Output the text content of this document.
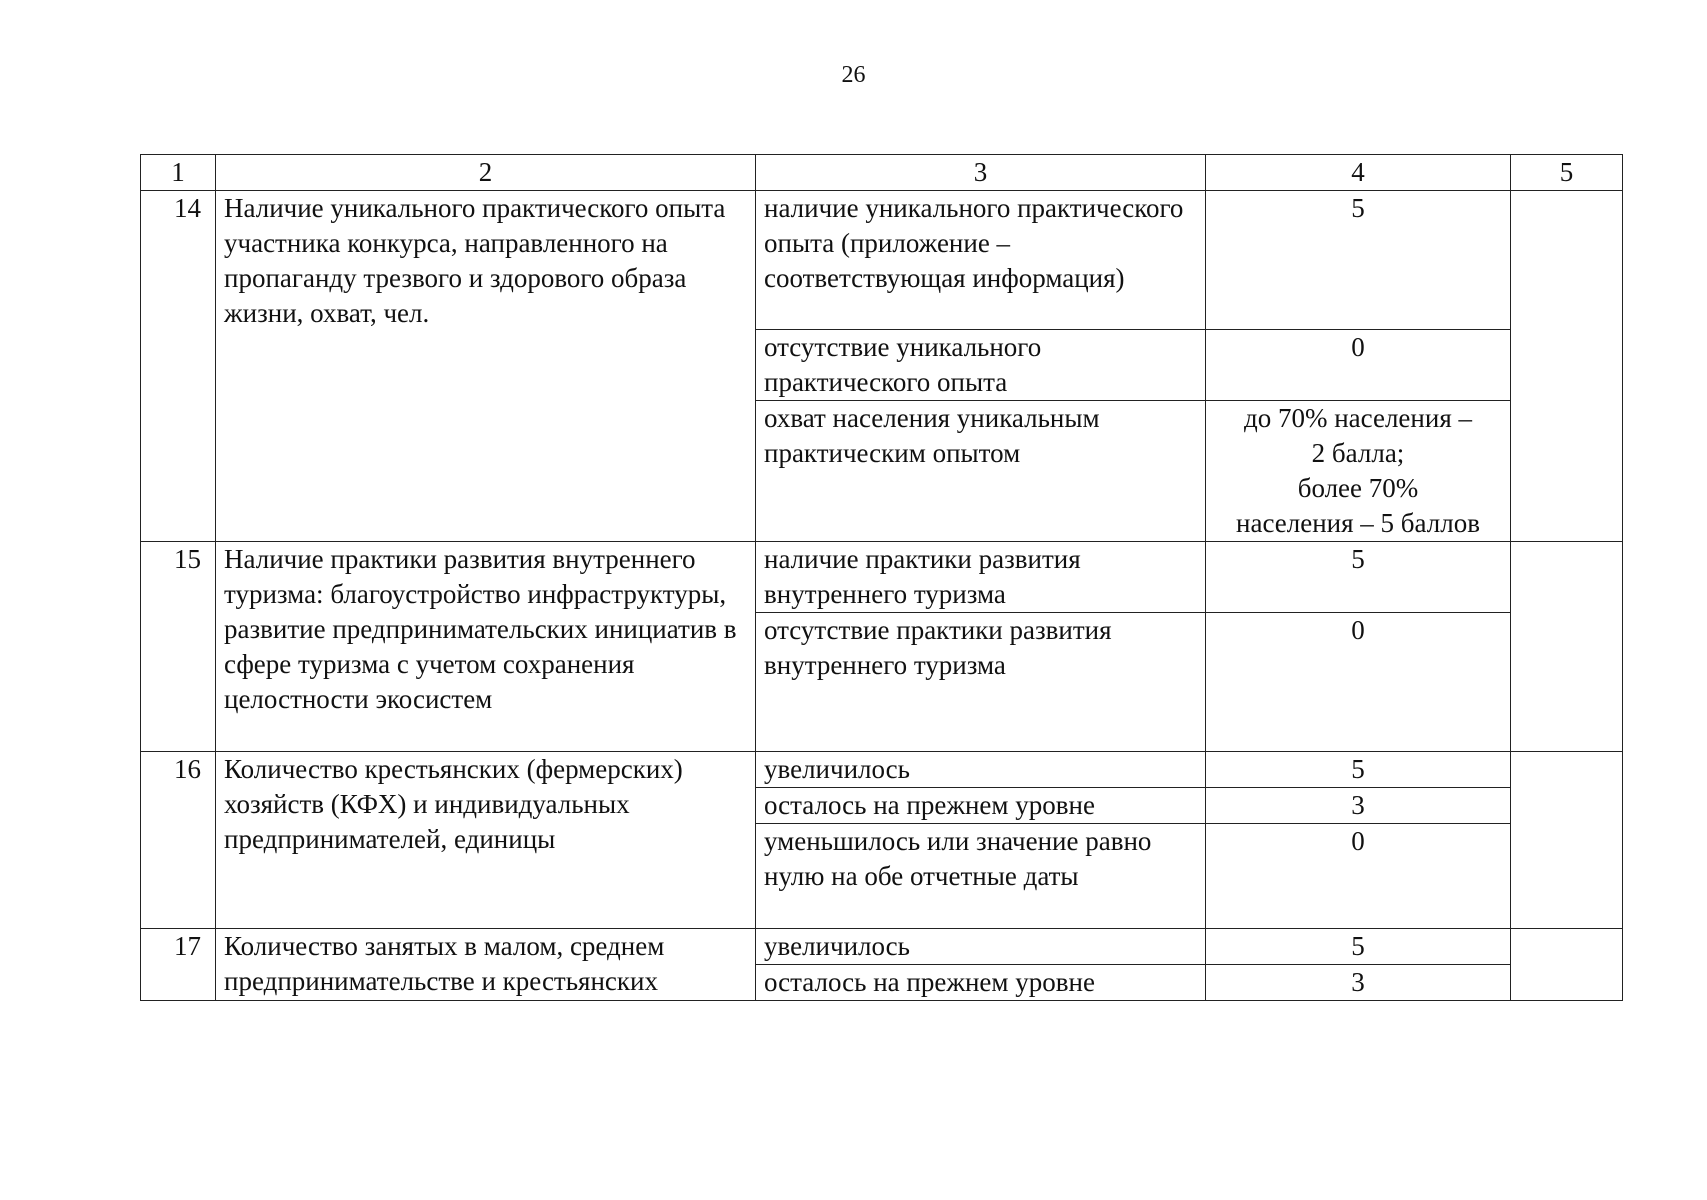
26
1	2	3	4	5
14	Наличие уникального практического опыта участника конкурса, направленного на пропаганду трезвого и здорового образа жизни, охват, чел.	наличие уникального практического опыта (приложение – соответствующая информация)	5	
		отсутствие уникального практического опыта	0	
		охват населения уникальным практическим опытом	до 70% населения –
2 балла;
более 70%
населения – 5 баллов	
15	Наличие практики развития внутреннего туризма: благоустройство инфраструктуры, развитие предпринимательских инициатив в сфере туризма с учетом сохранения целостности экосистем	наличие практики развития внутреннего туризма	5	
		отсутствие практики развития внутреннего туризма	0	
16	Количество крестьянских (фермерских) хозяйств (КФХ) и индивидуальных предпринимателей, единицы	увеличилось	5	
		осталось на прежнем уровне	3	
		уменьшилось или значение равно нулю на обе отчетные даты	0	
17	Количество занятых в малом, среднем предпринимательстве и крестьянских	увеличилось	5	
		осталось на прежнем уровне	3	
